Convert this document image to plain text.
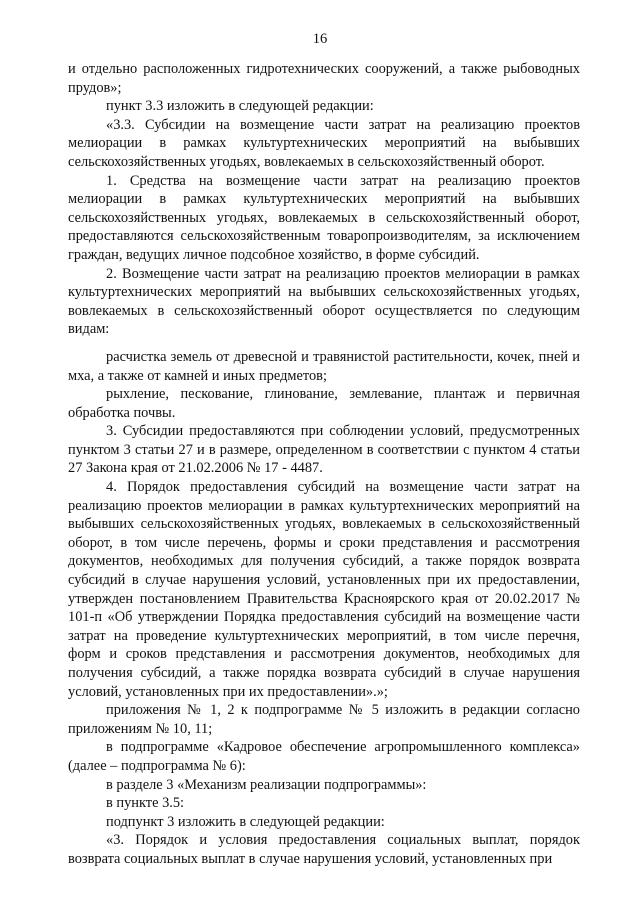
16

и отдельно расположенных гидротехнических сооружений, а также рыбоводных прудов»;

пункт 3.3 изложить в следующей редакции:

«3.3. Субсидии на возмещение части затрат на реализацию проектов мелиорации в рамках культуртехнических мероприятий на выбывших сельскохозяйственных угодьях, вовлекаемых в сельскохозяйственный оборот.

1. Средства на возмещение части затрат на реализацию проектов мелиорации в рамках культуртехнических мероприятий на выбывших сельскохозяйственных угодьях, вовлекаемых в сельскохозяйственный оборот, предоставляются сельскохозяйственным товаропроизводителям, за исключением граждан, ведущих личное подсобное хозяйство, в форме субсидий.

2. Возмещение части затрат на реализацию проектов мелиорации в рамках культуртехнических мероприятий на выбывших сельскохозяйственных угодьях, вовлекаемых в сельскохозяйственный оборот осуществляется по следующим видам:

расчистка земель от древесной и травянистой растительности, кочек, пней и мха, а также от камней и иных предметов;

рыхление, пескование, глинование, землевание, плантаж и первичная обработка почвы.

3. Субсидии предоставляются при соблюдении условий, предусмотренных пунктом 3 статьи 27 и в размере, определенном в соответствии с пунктом 4 статьи 27 Закона края от 21.02.2006 № 17 - 4487.

4. Порядок предоставления субсидий на возмещение части затрат на реализацию проектов мелиорации в рамках культуртехнических мероприятий на выбывших сельскохозяйственных угодьях, вовлекаемых в сельскохозяйственный оборот, в том числе перечень, формы и сроки представления и рассмотрения документов, необходимых для получения субсидий, а также порядок возврата субсидий в случае нарушения условий, установленных при их предоставлении, утвержден постановлением Правительства Красноярского края от 20.02.2017 № 101-п «Об утверждении Порядка предоставления субсидий на возмещение части затрат на проведение культуртехнических мероприятий, в том числе перечня, форм и сроков представления и рассмотрения документов, необходимых для получения субсидий, а также порядка возврата субсидий в случае нарушения условий, установленных при их предоставлении».»;

приложения № 1, 2 к подпрограмме № 5 изложить в редакции согласно приложениям № 10, 11;

в подпрограмме «Кадровое обеспечение агропромышленного комплекса» (далее – подпрограмма № 6):

в разделе 3 «Механизм реализации подпрограммы»:

в пункте 3.5:

подпункт 3 изложить в следующей редакции:

«3. Порядок и условия предоставления социальных выплат, порядок возврата социальных выплат в случае нарушения условий, установленных при
